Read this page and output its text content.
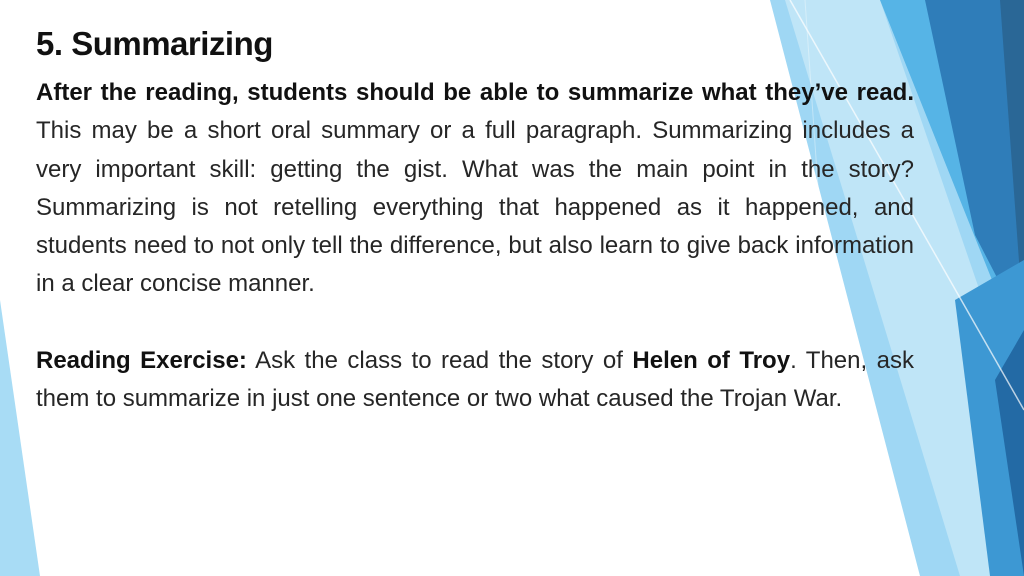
5. Summarizing

After the reading, students should be able to summarize what they’ve read. This may be a short oral summary or a full paragraph. Summarizing includes a very important skill: getting the gist. What was the main point in the story? Summarizing is not retelling everything that happened as it happened, and students need to not only tell the difference, but also learn to give back information in a clear concise manner.

Reading Exercise: Ask the class to read the story of Helen of Troy. Then, ask them to summarize in just one sentence or two what caused the Trojan War.
